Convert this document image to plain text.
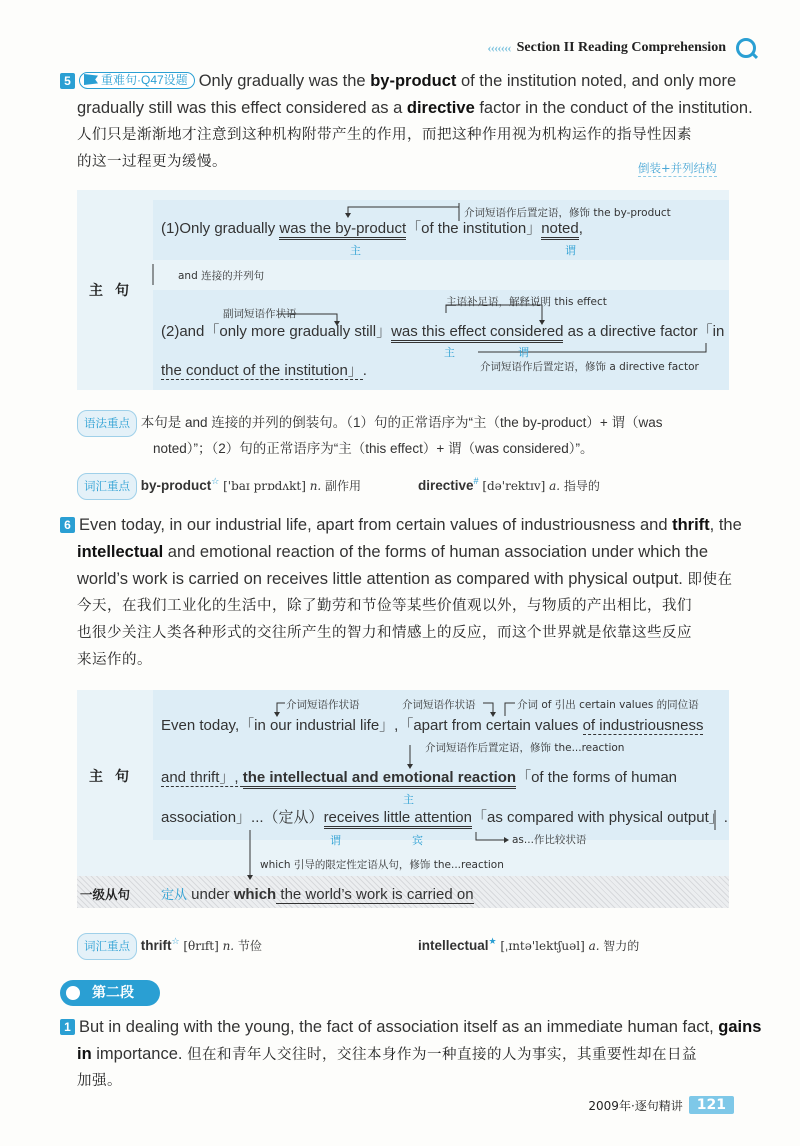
‹‹‹‹‹‹‹ Section II Reading Comprehension
5	重难句·Q47设题 Only gradually was the by-product of the institution noted, and only more
gradually still was this effect considered as a directive factor in the conduct of the institution.
人们只是渐渐地才注意到这种机构附带产生的作用，而把这种作用视为机构运作的指导性因素
的这一过程更为缓慢。	倒装+并列结构
主句
介词短语作后置定语，修饰 the by-product
(1)Only gradually was the by-product「of the institution」noted,
主	谓
and 连接的并列句
副词短语作状语
主语补足语，解释说明 this effect
(2)and「only more gradually still」was this effect considered as a directive factor「in
主	谓
the conduct of the institution」.	介词短语作后置定语，修饰 a directive factor
语法重点 本句是 and 连接的并列的倒装句。（1）句的正常语序为“主（the by-product）+ 谓（was
noted）”；（2）句的正常语序为“主（this effect）+ 谓（was considered）”。
词汇重点 by-product☆ ['baɪ prɒdʌkt] n. 副作用	directive# [də'rektɪv] a. 指导的
6 Even today, in our industrial life, apart from certain values of industriousness and thrift, the
intellectual and emotional reaction of the forms of human association under which the
world’s work is carried on receives little attention as compared with physical output. 即使在
今天，在我们工业化的生活中，除了勤劳和节俭等某些价值观以外，与物质的产出相比，我们
也很少关注人类各种形式的交往所产生的智力和情感上的反应，而这个世界就是依靠这些反应
来运作的。
主句
介词短语作状语	介词短语作状语	介词 of 引出 certain values 的同位语
Even today,「in our industrial life」,「apart from certain values of industriousness
介词短语作后置定语，修饰 the...reaction
and thrift」, the intellectual and emotional reaction「of the forms of human
主
association」...（定从）receives little attention「as compared with physical output」.
谓	宾	as...作比较状语
which 引导的限定性定语从句，修饰 the...reaction
一级从句 定从 under which the world’s work is carried on
词汇重点 thrift☆ [θrɪft] n. 节俭	intellectual★ [ˌɪntə'lektʃuəl] a. 智力的
第二段
1 But in dealing with the young, the fact of association itself as an immediate human fact, gains
in importance. 但在和青年人交往时，交往本身作为一种直接的人为事实，其重要性却在日益
加强。
2009年·逐句精讲	121
